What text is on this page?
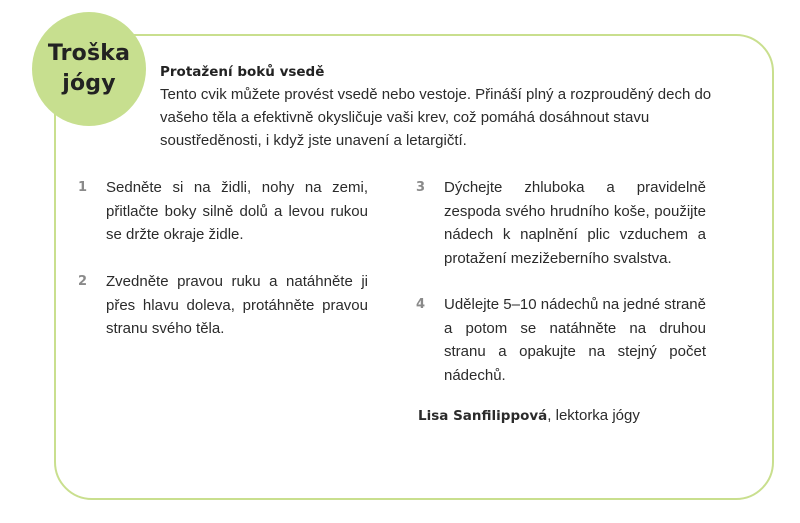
Troška
jógy	Protažení boků vsedě
Tento cvik můžete provést vsedě nebo vestoje. Přináší plný a rozprouděný dech do vašeho těla a efektivně okysličuje vaši krev, což pomáhá dosáhnout stavu soustředěnosti, i když jste unavení a letargičtí.
1	Sedněte si na židli, nohy na zemi, přitlačte boky silně dolů a levou rukou se držte okraje židle.
2	Zvedněte pravou ruku a natáhněte ji přes hlavu doleva, protáhněte pravou stranu svého těla.
3	Dýchejte zhluboka a pravidelně zespoda svého hrudního koše, použijte nádech k naplnění plic vzduchem a protažení mezižeberního svalstva.
4	Udělejte 5–10 nádechů na jedné straně a potom se natáhněte na druhou stranu a opakujte na stejný počet nádechů.
Lisa Sanfilippová, lektorka jógy
